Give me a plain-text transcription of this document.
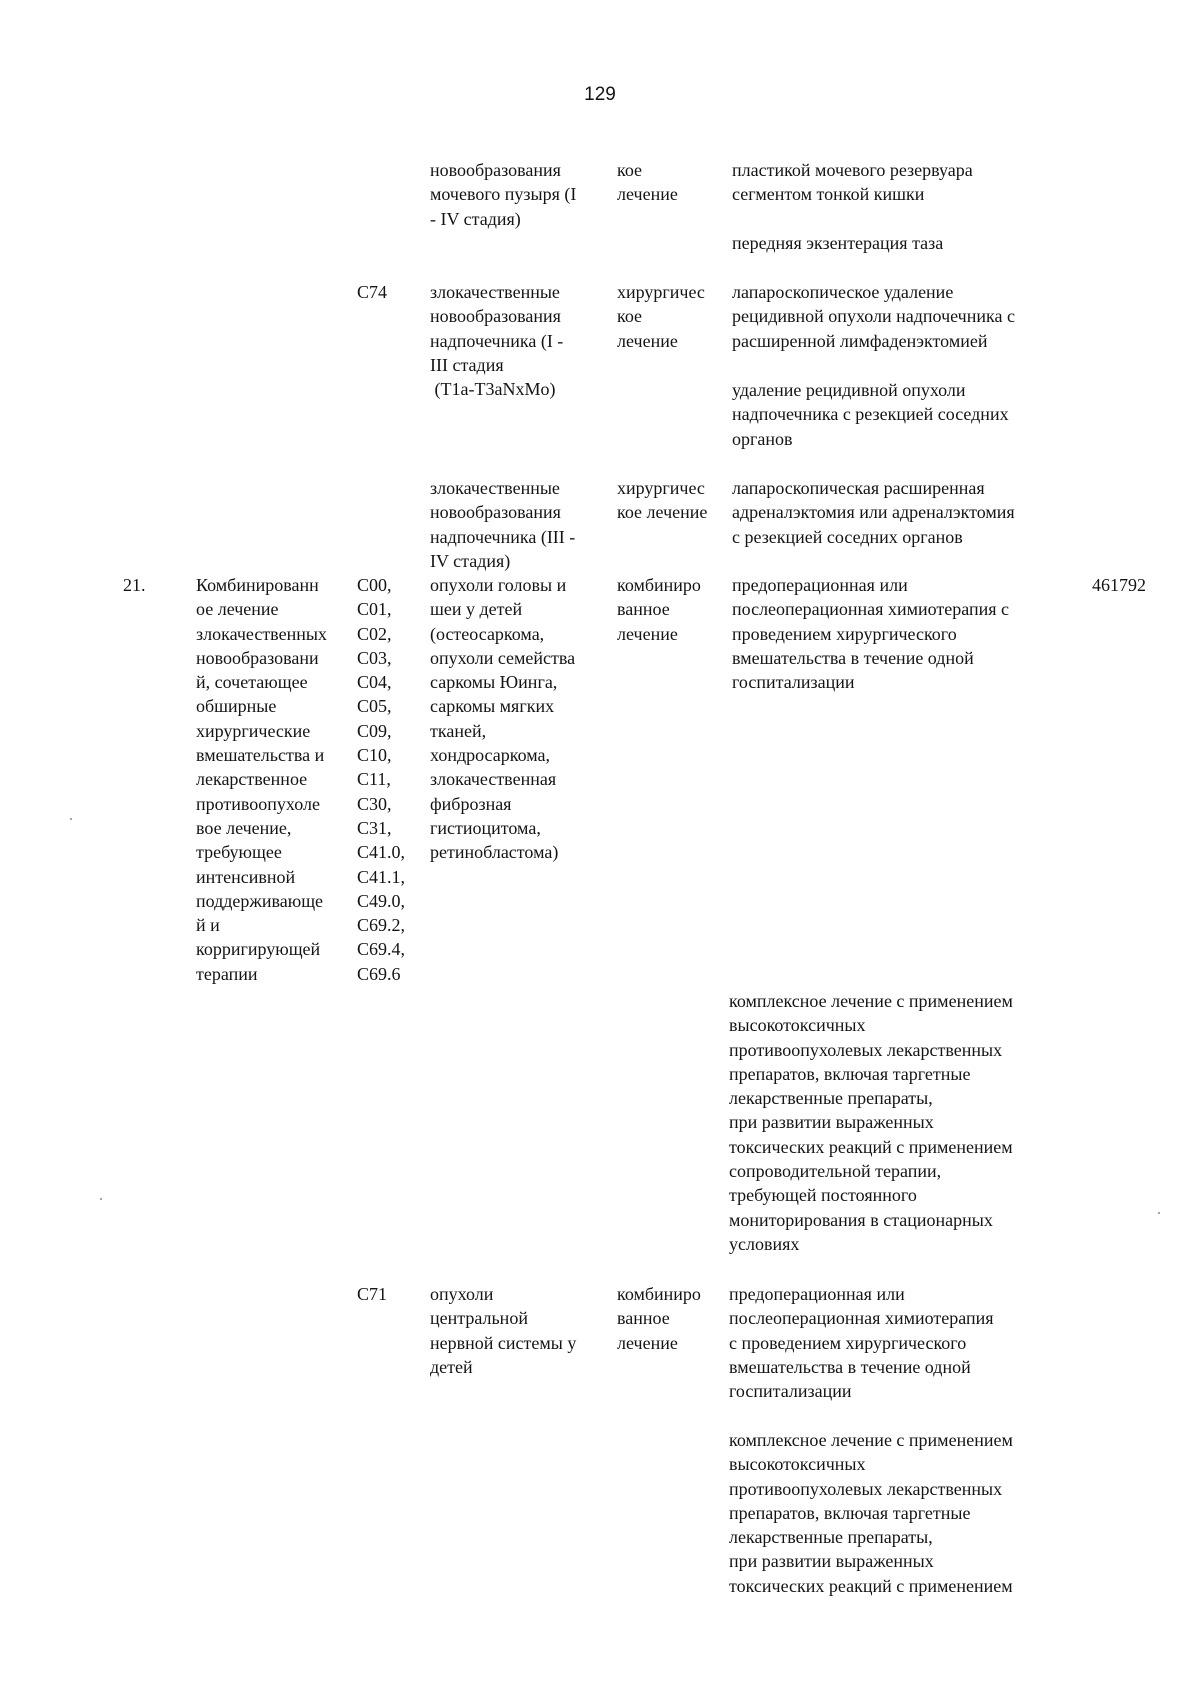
129
новообразования
мочевого пузыря (I
- IV стадия)
кое
лечение
пластикой мочевого резервуара
сегментом тонкой кишки
передняя экзентерация таза
C74 злокачественные
новообразования
надпочечника (I -
III стадия
(T1a-T3aNxMo)
хирургичес
кое
лечение
лапароскопическое удаление
рецидивной опухоли надпочечника с
расширенной лимфаденэктомией
удаление рецидивной опухоли
надпочечника с резекцией соседних
органов
злокачественные
новообразования
надпочечника (III -
IV стадия)
хирургичес
кое лечение
лапароскопическая расширенная
адреналэктомия или адреналэктомия
с резекцией соседних органов
21.	Комбинированн
ое лечение
злокачественных
новообразовани
й, сочетающее
обширные
хирургические
вмешательства и
лекарственное
противоопухоле
вое лечение,
требующее
интенсивной
поддерживающе
й и
корригирующей
терапии
C00,
C01,
C02,
C03,
C04,
C05,
C09,
C10,
C11,
C30,
C31,
C41.0,
C41.1,
C49.0,
C69.2,
C69.4,
C69.6
опухоли головы и
шеи у детей
(остеосаркома,
опухоли семейства
саркомы Юинга,
саркомы мягких
тканей,
хондросаркома,
злокачественная
фиброзная
гистиоцитома,
ретинобластома)
комбиниро
ванное
лечение
предоперационная или
послеоперационная химиотерапия с
проведением хирургического
вмешательства в течение одной
госпитализации
комплексное лечение с применением
высокотоксичных
противоопухолевых лекарственных
препаратов, включая таргетные
лекарственные препараты,
при развитии выраженных
токсических реакций с применением
сопроводительной терапии,
требующей постоянного
мониторирования в стационарных
условиях
461792
C71 опухоли
центральной
нервной системы у
детей
комбиниро
ванное
лечение
предоперационная или
послеоперационная химиотерапия
с проведением хирургического
вмешательства в течение одной
госпитализации
комплексное лечение с применением
высокотоксичных
противоопухолевых лекарственных
препаратов, включая таргетные
лекарственные препараты,
при развитии выраженных
токсических реакций с применением
